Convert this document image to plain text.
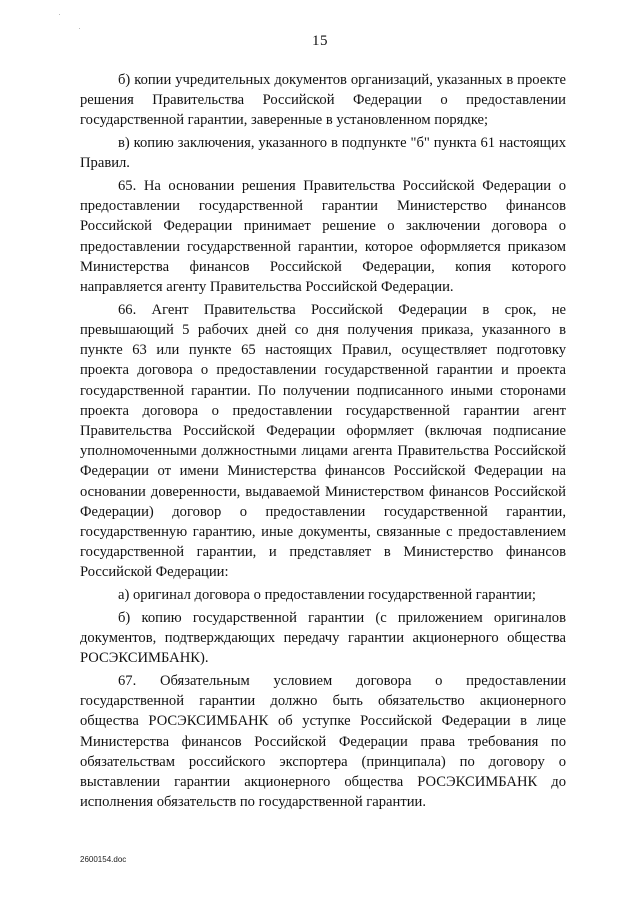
15

б) копии учредительных документов организаций, указанных в проекте решения Правительства Российской Федерации о предоставлении государственной гарантии, заверенные в установленном порядке;

в) копию заключения, указанного в подпункте "б" пункта 61 настоящих Правил.

65. На основании решения Правительства Российской Федерации о предоставлении государственной гарантии Министерство финансов Российской Федерации принимает решение о заключении договора о предоставлении государственной гарантии, которое оформляется приказом Министерства финансов Российской Федерации, копия которого направляется агенту Правительства Российской Федерации.

66. Агент Правительства Российской Федерации в срок, не превышающий 5 рабочих дней со дня получения приказа, указанного в пункте 63 или пункте 65 настоящих Правил, осуществляет подготовку проекта договора о предоставлении государственной гарантии и проекта государственной гарантии. По получении подписанного иными сторонами проекта договора о предоставлении государственной гарантии агент Правительства Российской Федерации оформляет (включая подписание уполномоченными должностными лицами агента Правительства Российской Федерации от имени Министерства финансов Российской Федерации на основании доверенности, выдаваемой Министерством финансов Российской Федерации) договор о предоставлении государственной гарантии, государственную гарантию, иные документы, связанные с предоставлением государственной гарантии, и представляет в Министерство финансов Российской Федерации:

а) оригинал договора о предоставлении государственной гарантии;

б) копию государственной гарантии (с приложением оригиналов документов, подтверждающих передачу гарантии акционерного общества РОСЭКСИМБАНК).

67. Обязательным условием договора о предоставлении государственной гарантии должно быть обязательство акционерного общества РОСЭКСИМБАНК об уступке Российской Федерации в лице Министерства финансов Российской Федерации права требования по обязательствам российского экспортера (принципала) по договору о выставлении гарантии акционерного общества РОСЭКСИМБАНК до исполнения обязательств по государственной гарантии.

2600154.doc
